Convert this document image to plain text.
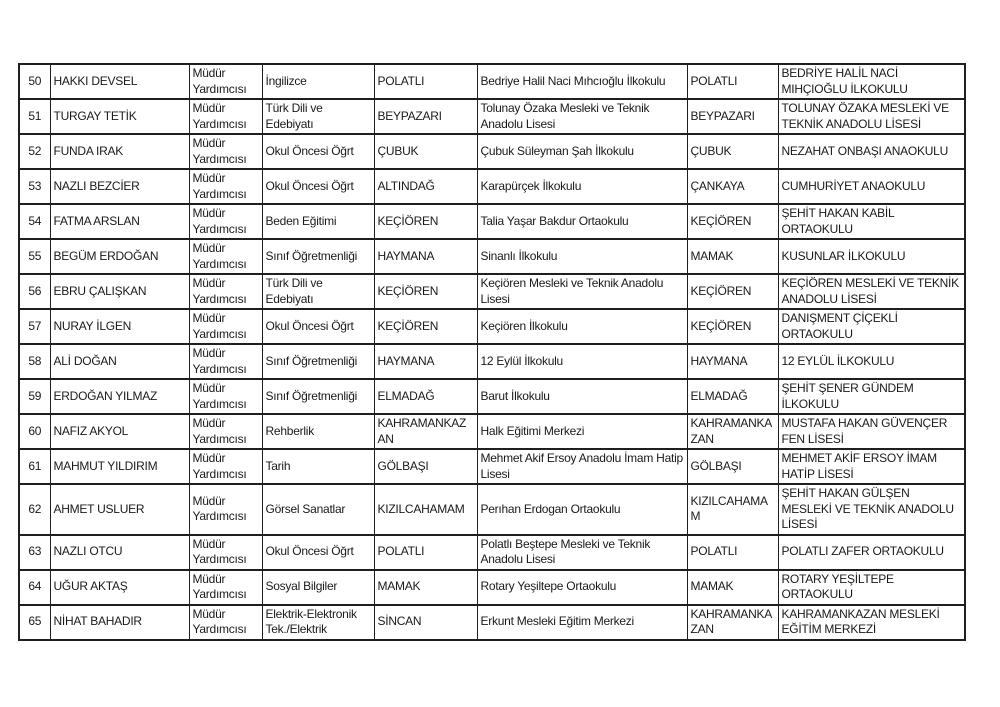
50	HAKKI DEVSEL	Müdür Yardımcısı	İngilizce	POLATLI	Bedriye Halil Naci Mıhcıoğlu İlkokulu	POLATLI	BEDRİYE HALİL NACİ MIHÇIOĞLU İLKOKULU
51	TURGAY TETİK	Müdür Yardımcısı	Türk Dili ve Edebiyatı	BEYPAZARI	Tolunay Özaka Mesleki ve Teknik Anadolu Lisesi	BEYPAZARI	TOLUNAY ÖZAKA MESLEKİ VE TEKNİK ANADOLU LİSESİ
52	FUNDA IRAK	Müdür Yardımcısı	Okul Öncesi Öğrt	ÇUBUK	Çubuk Süleyman Şah İlkokulu	ÇUBUK	NEZAHAT ONBAŞI ANAOKULU
53	NAZLI BEZCİER	Müdür Yardımcısı	Okul Öncesi Öğrt	ALTINDAĞ	Karapürçek İlkokulu	ÇANKAYA	CUMHURİYET ANAOKULU
54	FATMA ARSLAN	Müdür Yardımcısı	Beden Eğitimi	KEÇİÖREN	Talia Yaşar Bakdur Ortaokulu	KEÇİÖREN	ŞEHİT HAKAN KABİL ORTAOKULU
55	BEGÜM ERDOĞAN	Müdür Yardımcısı	Sınıf Öğretmenliği	HAYMANA	Sinanlı İlkokulu	MAMAK	KUSUNLAR İLKOKULU
56	EBRU ÇALIŞKAN	Müdür Yardımcısı	Türk Dili ve Edebiyatı	KEÇİÖREN	Keçiören Mesleki ve Teknik Anadolu Lisesi	KEÇİÖREN	KEÇİÖREN MESLEKİ VE TEKNİK ANADOLU LİSESİ
57	NURAY İLGEN	Müdür Yardımcısı	Okul Öncesi Öğrt	KEÇİÖREN	Keçiören İlkokulu	KEÇİÖREN	DANIŞMENT ÇİÇEKLİ ORTAOKULU
58	ALİ DOĞAN	Müdür Yardımcısı	Sınıf Öğretmenliği	HAYMANA	12 Eylül İlkokulu	HAYMANA	12 EYLÜL İLKOKULU
59	ERDOĞAN YILMAZ	Müdür Yardımcısı	Sınıf Öğretmenliği	ELMADAĞ	Barut İlkokulu	ELMADAĞ	ŞEHİT ŞENER GÜNDEM İLKOKULU
60	NAFIZ AKYOL	Müdür Yardımcısı	Rehberlik	KAHRAMANKAZAN	Halk Eğitimi Merkezi	KAHRAMANKAZAN	MUSTAFA HAKAN GÜVENÇER FEN LİSESİ
61	MAHMUT YILDIRIM	Müdür Yardımcısı	Tarih	GÖLBAŞI	Mehmet Akif Ersoy Anadolu İmam Hatip Lisesi	GÖLBAŞI	MEHMET AKİF ERSOY İMAM HATİP LİSESİ
62	AHMET USLUER	Müdür Yardımcısı	Görsel Sanatlar	KIZILCAHAMAM	Perıhan Erdogan Ortaokulu	KIZILCAHAMAM	ŞEHİT HAKAN GÜLŞEN MESLEKİ VE TEKNİK ANADOLU LİSESİ
63	NAZLI OTCU	Müdür Yardımcısı	Okul Öncesi Öğrt	POLATLI	Polatlı Beştepe Mesleki ve Teknik Anadolu Lisesi	POLATLI	POLATLI ZAFER ORTAOKULU
64	UĞUR AKTAŞ	Müdür Yardımcısı	Sosyal Bilgiler	MAMAK	Rotary Yeşiltepe Ortaokulu	MAMAK	ROTARY YEŞİLTEPE ORTAOKULU
65	NİHAT BAHADIR	Müdür Yardımcısı	Elektrik-Elektronik Tek./Elektrik	SİNCAN	Erkunt Mesleki Eğitim Merkezi	KAHRAMANKAZAN	KAHRAMANKAZAN MESLEKİ EĞİTİM MERKEZİ
